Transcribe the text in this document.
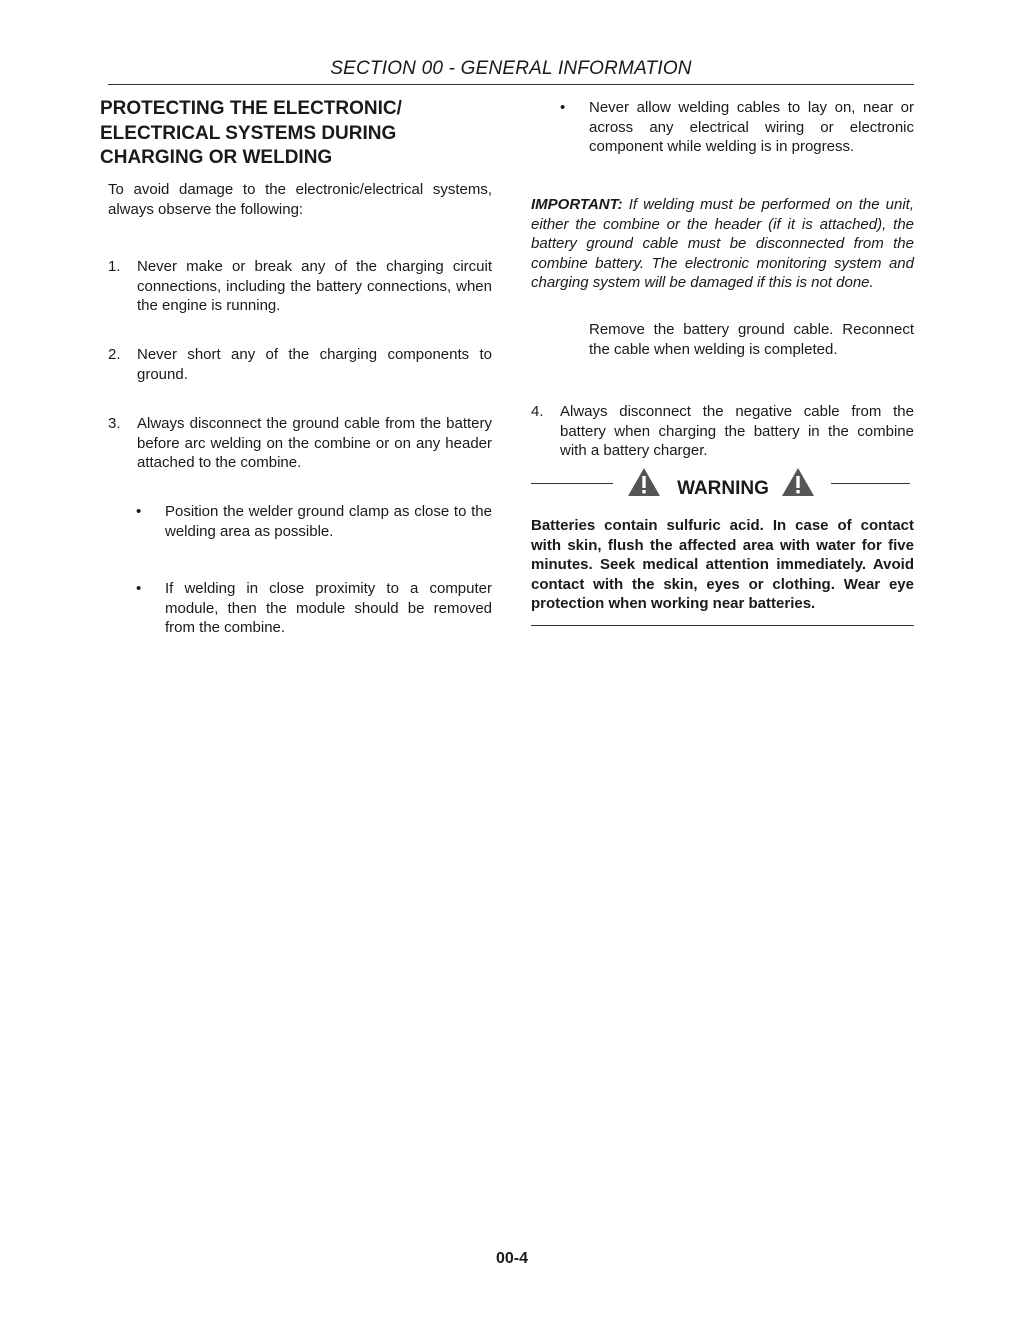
SECTION 00 - GENERAL INFORMATION
PROTECTING THE ELECTRONIC/
ELECTRICAL SYSTEMS DURING
CHARGING OR WELDING

To avoid damage to the electronic/electrical systems, always observe the following:

1. Never make or break any of the charging circuit connections, including the battery connections, when the engine is running.
2. Never short any of the charging components to ground.
3. Always disconnect the ground cable from the battery before arc welding on the combine or on any header attached to the combine.
• Position the welder ground clamp as close to the welding area as possible.
• If welding in close proximity to a computer module, then the module should be removed from the combine.
• Never allow welding cables to lay on, near or across any electrical wiring or electronic component while welding is in progress.

IMPORTANT: If welding must be performed on the unit, either the combine or the header (if it is attached), the battery ground cable must be disconnected from the combine battery. The electronic monitoring system and charging system will be damaged if this is not done.

Remove the battery ground cable. Reconnect the cable when welding is completed.

4. Always disconnect the negative cable from the battery when charging the battery in the combine with a battery charger.
WARNING

Batteries contain sulfuric acid. In case of contact with skin, flush the affected area with water for five minutes. Seek medical attention immediately. Avoid contact with the skin, eyes or clothing. Wear eye protection when working near batteries.

00-4
